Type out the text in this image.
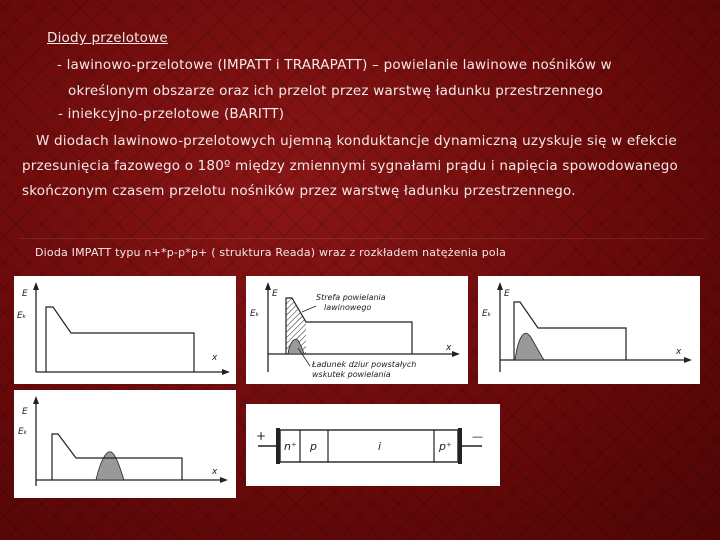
Diody przelotowe
- lawinowo-przelotowe (IMPATT i TRARAPATT) – powielanie lawinowe nośników w
określonym obszarze oraz ich przelot przez warstwę ładunku przestrzennego
- iniekcyjno-przelotowe (BARITT)
W diodach lawinowo-przelotowych ujemną konduktancje dynamiczną uzyskuje się w efekcie
przesunięcia fazowego o 180º między zmiennymi sygnałami prądu i napięcia spowodowanego
skończonym czasem przelotu nośników przez warstwę ładunku przestrzennego.
Dioda IMPATT typu n+*p-p*p+ ( struktura Reada) wraz z rozkładem natężenia pola
E
Eₖ
x
E
Eₖ
x
Strefa powielania
lawinowego
Ładunek dziur powstałych
wskutek powielania
E
Eₖ
x
E
Eₖ
x
+	—
n⁺ p	i	p⁺
